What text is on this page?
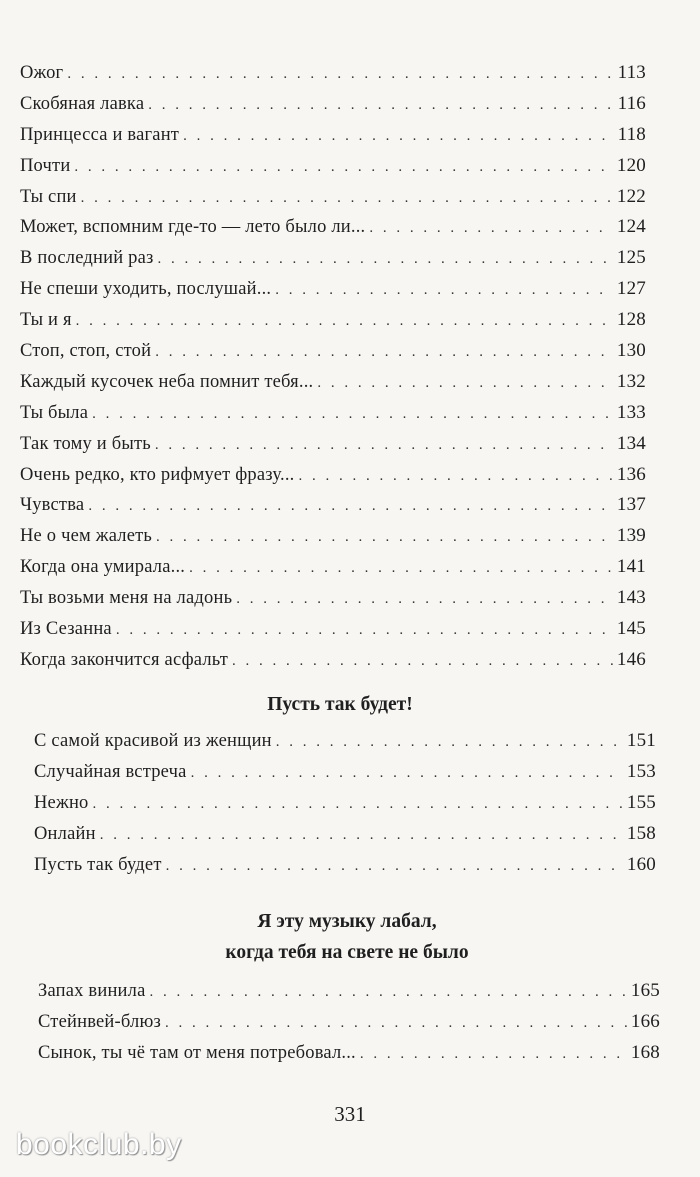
Ожог . . .	113
Скобяная лавка . . .	116
Принцесса и вагант . . .	118
Почти . . .	120
Ты спи . . .	122
Может, вспомним где-то — лето было ли... . . .	124
В последний раз . . .	125
Не спеши уходить, послушай... . . .	127
Ты и я . . .	128
Стоп, стоп, стой . . .	130
Каждый кусочек неба помнит тебя... . . .	132
Ты была . . .	133
Так тому и быть . . .	134
Очень редко, кто рифмует фразу... . . .	136
Чувства . . .	137
Не о чем жалеть . . .	139
Когда она умирала... . . .	141
Ты возьми меня на ладонь . . .	143
Из Сезанна . . .	145
Когда закончится асфальт . . .	146
Пусть так будет!
С самой красивой из женщин . . .	151
Случайная встреча . . .	153
Нежно . . .	155
Онлайн . . .	158
Пусть так будет . . .	160
Я эту музыку лабал,
когда тебя на свете не было
Запах винила . . .	165
Стейнвей-блюз . . .	166
Сынок, ты чё там от меня потребовал... . . .	168
331
bookclub.by
